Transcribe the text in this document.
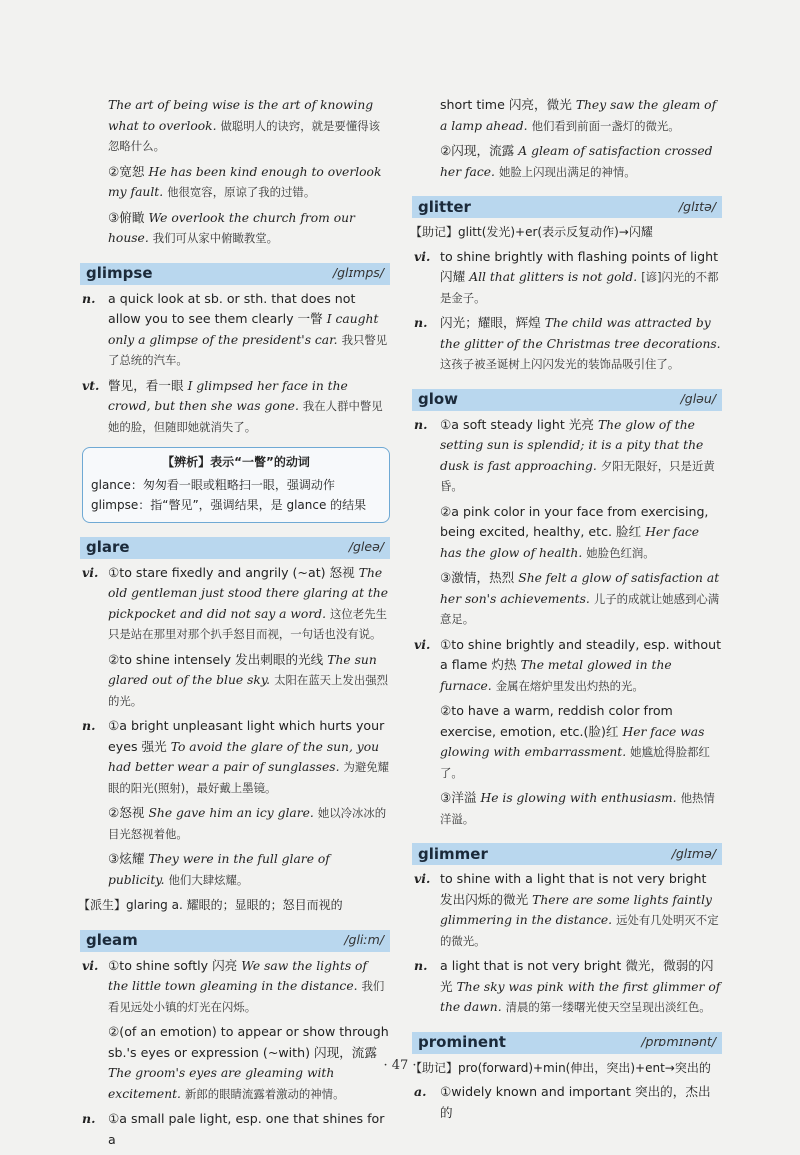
The art of being wise is the art of knowing what to overlook. 做聪明人的诀窍，就是要懂得该忽略什么。
②宽恕 He has been kind enough to overlook my fault. 他很宽容，原谅了我的过错。
③俯瞰 We overlook the church from our house. 我们可从家中俯瞰教堂。
glimpse	/glɪmps/
n. a quick look at sb. or sth. that does not allow you to see them clearly 一瞥 I caught only a glimpse of the president's car. 我只瞥见了总统的汽车。
vt. 瞥见，看一眼 I glimpsed her face in the crowd, but then she was gone. 我在人群中瞥见她的脸，但随即她就消失了。
【辨析】表示“一瞥”的动词
glance：匆匆看一眼或粗略扫一眼，强调动作
glimpse：指“瞥见”，强调结果，是 glance 的结果
glare	/gleə/
vi. ①to stare fixedly and angrily (~at) 怒视 The old gentleman just stood there glaring at the pickpocket and did not say a word. 这位老先生只是站在那里对那个扒手怒目而视，一句话也没有说。
②to shine intensely 发出刺眼的光线 The sun glared out of the blue sky. 太阳在蓝天上发出强烈的光。
n. ①a bright unpleasant light which hurts your eyes 强光 To avoid the glare of the sun, you had better wear a pair of sunglasses. 为避免耀眼的阳光(照射)，最好戴上墨镜。
②怒视 She gave him an icy glare. 她以冷冰冰的目光怒视着他。
③炫耀 They were in the full glare of publicity. 他们大肆炫耀。
【派生】glaring a. 耀眼的；显眼的；怒目而视的
gleam	/gliːm/
vi. ①to shine softly 闪亮 We saw the lights of the little town gleaming in the distance. 我们看见远处小镇的灯光在闪烁。
②(of an emotion) to appear or show through sb.'s eyes or expression (~with) 闪现，流露 The groom's eyes are gleaming with excitement. 新郎的眼睛流露着激动的神情。
n. ①a small pale light, esp. one that shines for a
short time 闪亮，微光 They saw the gleam of a lamp ahead. 他们看到前面一盏灯的微光。
②闪现，流露 A gleam of satisfaction crossed her face. 她脸上闪现出满足的神情。
glitter	/glɪtə/
【助记】glitt(发光)+er(表示反复动作)→闪耀
vi. to shine brightly with flashing points of light 闪耀 All that glitters is not gold. [谚]闪光的不都是金子。
n. 闪光；耀眼，辉煌 The child was attracted by the glitter of the Christmas tree decorations. 这孩子被圣诞树上闪闪发光的装饰品吸引住了。
glow	/gləu/
n. ①a soft steady light 光亮 The glow of the setting sun is splendid; it is a pity that the dusk is fast approaching. 夕阳无限好，只是近黄昏。
②a pink color in your face from exercising, being excited, healthy, etc. 脸红 Her face has the glow of health. 她脸色红润。
③激情，热烈 She felt a glow of satisfaction at her son's achievements. 儿子的成就让她感到心满意足。
vi. ①to shine brightly and steadily, esp. without a flame 灼热 The metal glowed in the furnace. 金属在熔炉里发出灼热的光。
②to have a warm, reddish color from exercise, emotion, etc.(脸)红 Her face was glowing with embarrassment. 她尴尬得脸都红了。
③洋溢 He is glowing with enthusiasm. 他热情洋溢。
glimmer	/glɪmə/
vi. to shine with a light that is not very bright 发出闪烁的微光 There are some lights faintly glimmering in the distance. 远处有几处明灭不定的微光。
n. a light that is not very bright 微光，微弱的闪光 The sky was pink with the first glimmer of the dawn. 清晨的第一缕曙光使天空呈现出淡红色。
prominent	/prɒmɪnənt/
【助记】pro(forward)+min(伸出，突出)+ent→突出的
a.	①widely known and important 突出的，杰出的
· 47 ·
